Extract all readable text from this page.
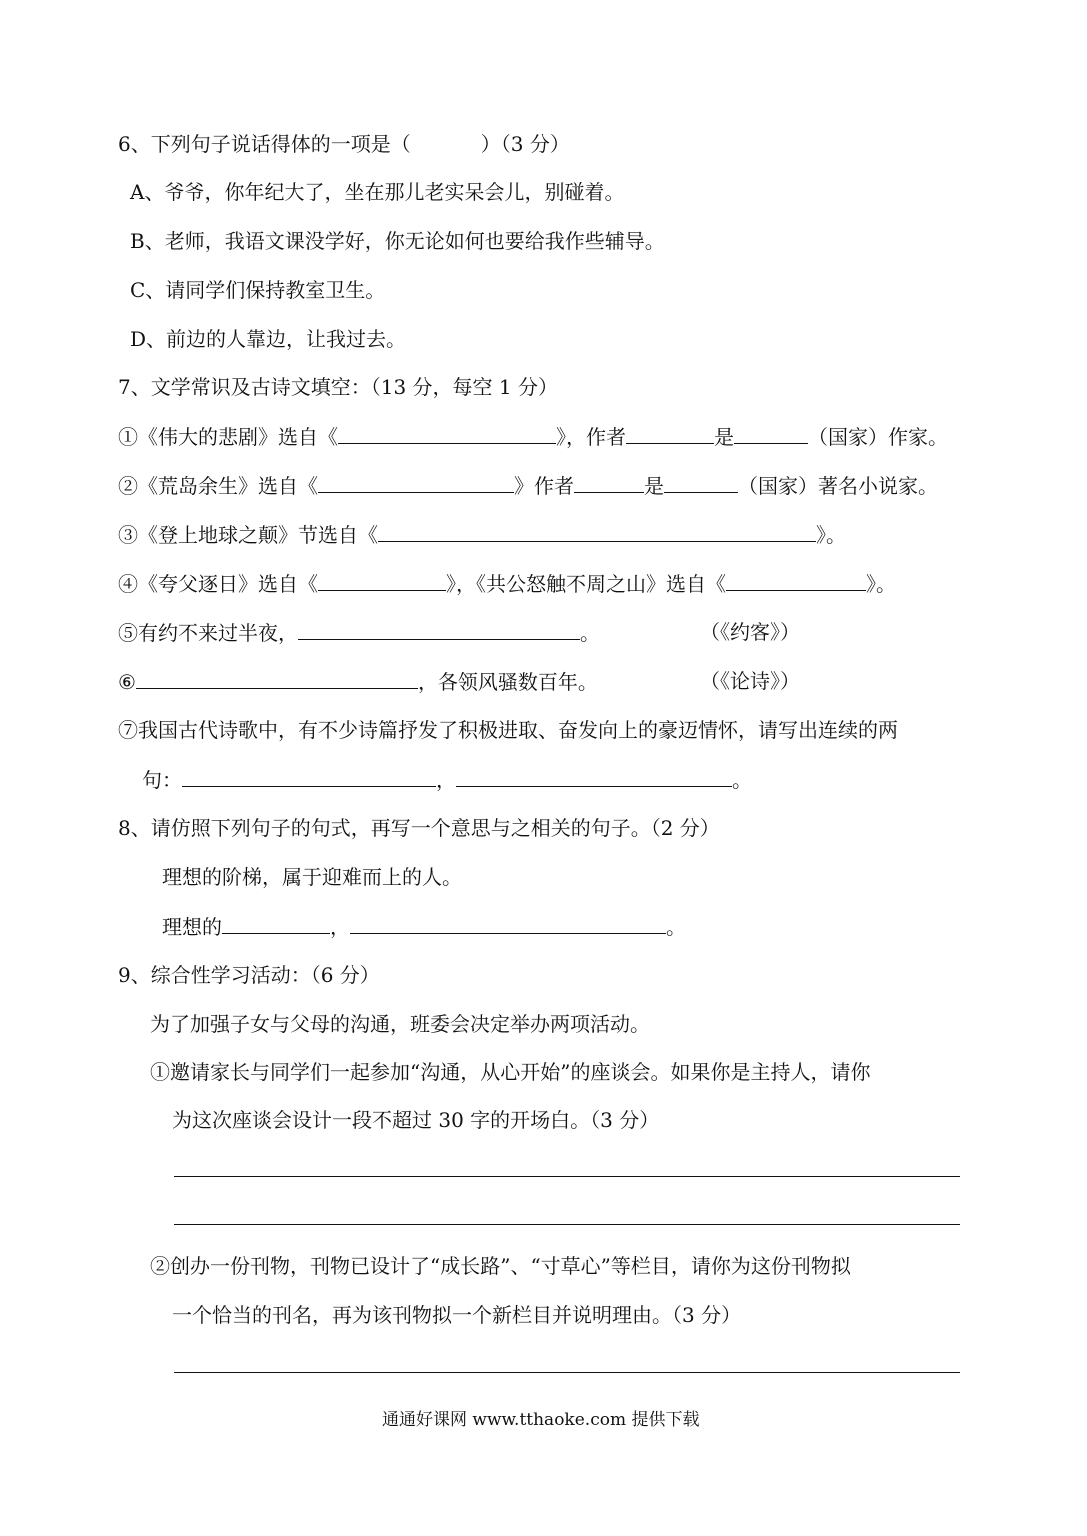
6、下列句子说话得体的一项是（	）（3 分）
A、爷爷，你年纪大了，坐在那儿老实呆会儿，别碰着。
B、老师，我语文课没学好，你无论如何也要给我作些辅导。
C、请同学们保持教室卫生。
D、前边的人靠边，让我过去。
7、文学常识及古诗文填空：（13 分，每空 1 分）
①《伟大的悲剧》选自《	》，作者	是	（国家）作家。
②《荒岛余生》选自《	》作者	是	（国家）著名小说家。
③《登上地球之颠》节选自《	》。
④《夸父逐日》选自《	》，《共公怒触不周之山》选自《	》。
⑤有约不来过半夜，	。	（《约客》）
⑥	，各领风骚数百年。	（《论诗》）
⑦我国古代诗歌中，有不少诗篇抒发了积极进取、奋发向上的豪迈情怀，请写出连续的两
句：	，	。
8、请仿照下列句子的句式，再写一个意思与之相关的句子。（2 分）
理想的阶梯，属于迎难而上的人。
理想的	，	。
9、综合性学习活动：（6 分）
为了加强子女与父母的沟通，班委会决定举办两项活动。
①邀请家长与同学们一起参加“沟通，从心开始”的座谈会。如果你是主持人，请你
为这次座谈会设计一段不超过 30 字的开场白。（3 分）
②创办一份刊物，刊物已设计了“成长路”、“寸草心”等栏目，请你为这份刊物拟
一个恰当的刊名，再为该刊物拟一个新栏目并说明理由。（3 分）
通通好课网 www.tthaoke.com 提供下载
